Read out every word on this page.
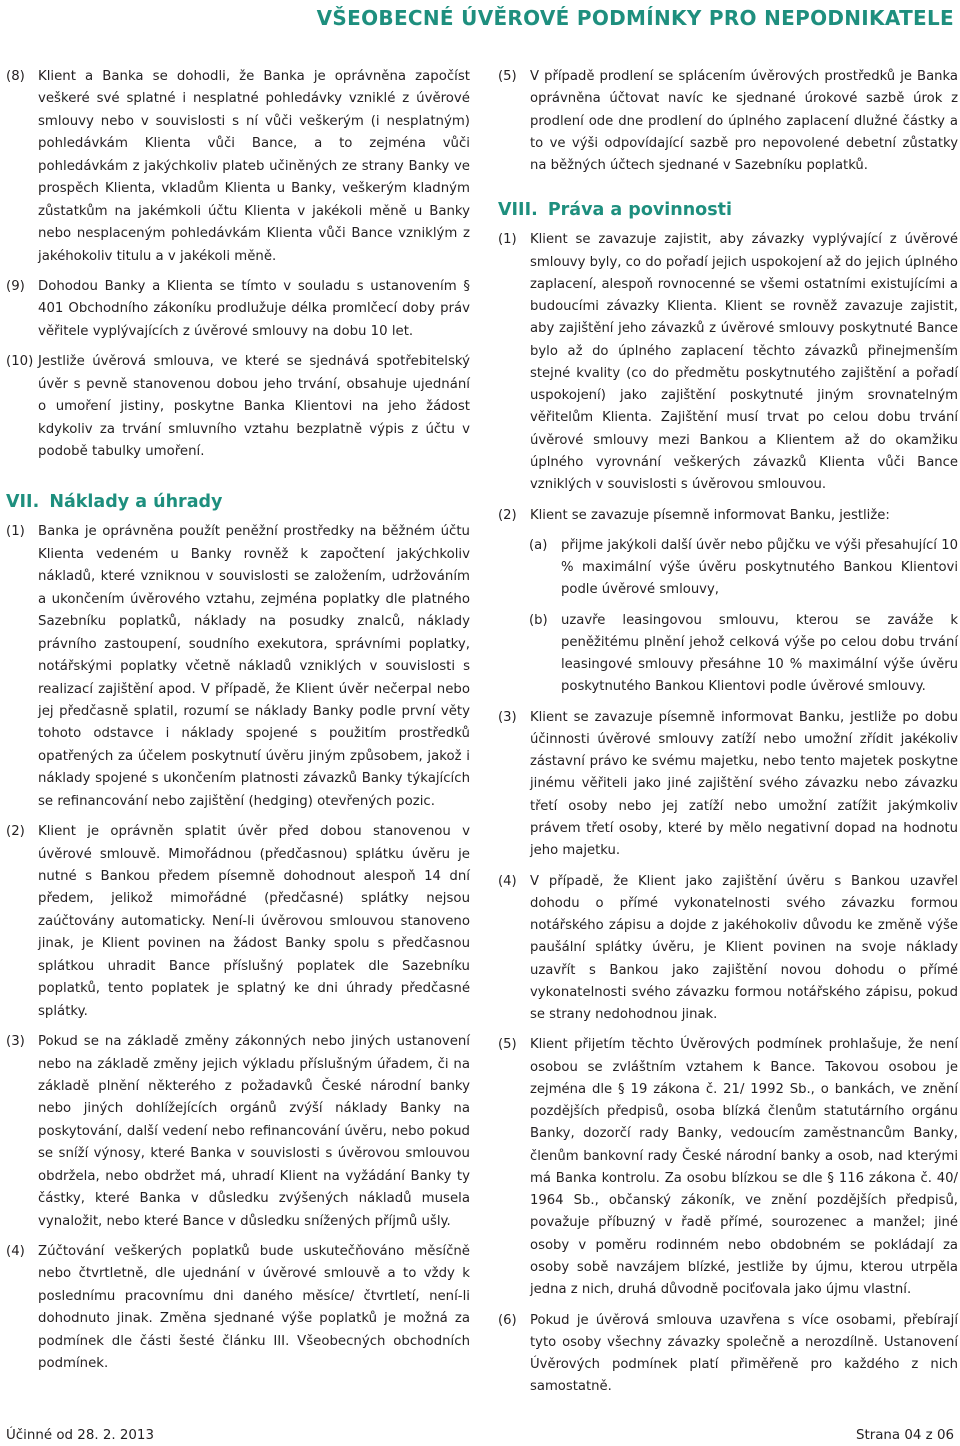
VŠEOBECNÉ ÚVĚROVÉ PODMÍNKY PRO NEPODNIKATELE
(8) Klient a Banka se dohodli, že Banka je oprávněna započíst veškeré své splatné i nesplatné pohledávky vzniklé z úvěrové smlouvy nebo v souvislosti s ní vůči veškerým (i nesplatným) pohledávkám Klienta vůči Bance, a to zejména vůči pohledávkám z jakýchkoliv plateb učiněných ze strany Banky ve prospěch Klienta, vkladům Klienta u Banky, veškerým kladným zůstatkům na jakémkoli účtu Klienta v jakékoli měně u Banky nebo nesplaceným pohledávkám Klienta vůči Bance vzniklým z jakéhokoliv titulu a v jakékoli měně.
(9) Dohodou Banky a Klienta se tímto v souladu s ustanovením § 401 Obchodního zákoníku prodlužuje délka promlčecí doby práv věřitele vyplývajících z úvěrové smlouvy na dobu 10 let.
(10) Jestliže úvěrová smlouva, ve které se sjednává spotřebitelský úvěr s pevně stanovenou dobou jeho trvání, obsahuje ujednání o umoření jistiny, poskytne Banka Klientovi na jeho žádost kdykoliv za trvání smluvního vztahu bezplatně výpis z účtu v podobě tabulky umoření.
VII. Náklady a úhrady
(1) Banka je oprávněna použít peněžní prostředky na běžném účtu Klienta vedeném u Banky rovněž k započtení jakýchkoliv nákladů, které vzniknou v souvislosti se založením, udržováním a ukončením úvěrového vztahu, zejména poplatky dle platného Sazebníku poplatků, náklady na posudky znalců, náklady právního zastoupení, soudního exekutora, správními poplatky, notářskými poplatky včetně nákladů vzniklých v souvislosti s realizací zajištění apod. V případě, že Klient úvěr nečerpal nebo jej předčasně splatil, rozumí se náklady Banky podle první věty tohoto odstavce i náklady spojené s použitím prostředků opatřených za účelem poskytnutí úvěru jiným způsobem, jakož i náklady spojené s ukončením platnosti závazků Banky týkajících se refinancování nebo zajištění (hedging) otevřených pozic.
(2) Klient je oprávněn splatit úvěr před dobou stanovenou v úvěrové smlouvě. Mimořádnou (předčasnou) splátku úvěru je nutné s Bankou předem písemně dohodnout alespoň 14 dní předem, jelikož mimořádné (předčasné) splátky nejsou zaúčtovány automaticky. Není-li úvěrovou smlouvou stanoveno jinak, je Klient povinen na žádost Banky spolu s předčasnou splátkou uhradit Bance příslušný poplatek dle Sazebníku poplatků, tento poplatek je splatný ke dni úhrady předčasné splátky.
(3) Pokud se na základě změny zákonných nebo jiných ustanovení nebo na základě změny jejich výkladu příslušným úřadem, či na základě plnění některého z požadavků České národní banky nebo jiných dohlížejících orgánů zvýší náklady Banky na poskytování, další vedení nebo refinancování úvěru, nebo pokud se sníží výnosy, které Banka v souvislosti s úvěrovou smlouvou obdržela, nebo obdržet má, uhradí Klient na vyžádání Banky ty částky, které Banka v důsledku zvýšených nákladů musela vynaložit, nebo které Bance v důsledku snížených příjmů ušly.
(4) Zúčtování veškerých poplatků bude uskutečňováno měsíčně nebo čtvrtletně, dle ujednání v úvěrové smlouvě a to vždy k poslednímu pracovnímu dni daného měsíce/ čtvrtletí, není-li dohodnuto jinak. Změna sjednané výše poplatků je možná za podmínek dle části šesté článku III. Všeobecných obchodních podmínek.
(5) V případě prodlení se splácením úvěrových prostředků je Banka oprávněna účtovat navíc ke sjednané úrokové sazbě úrok z prodlení ode dne prodlení do úplného zaplacení dlužné částky a to ve výši odpovídající sazbě pro nepovolené debetní zůstatky na běžných účtech sjednané v Sazebníku poplatků.
VIII. Práva a povinnosti
(1) Klient se zavazuje zajistit, aby závazky vyplývající z úvěrové smlouvy byly, co do pořadí jejich uspokojení až do jejich úplného zaplacení, alespoň rovnocenné se všemi ostatními existujícími a budoucími závazky Klienta. Klient se rovněž zavazuje zajistit, aby zajištění jeho závazků z úvěrové smlouvy poskytnuté Bance bylo až do úplného zaplacení těchto závazků přinejmenším stejné kvality (co do předmětu poskytnutého zajištění a pořadí uspokojení) jako zajištění poskytnuté jiným srovnatelným věřitelům Klienta. Zajištění musí trvat po celou dobu trvání úvěrové smlouvy mezi Bankou a Klientem až do okamžiku úplného vyrovnání veškerých závazků Klienta vůči Bance vzniklých v souvislosti s úvěrovou smlouvou.
(2) Klient se zavazuje písemně informovat Banku, jestliže:
(a) přijme jakýkoli další úvěr nebo půjčku ve výši přesahující 10 % maximální výše úvěru poskytnutého Bankou Klientovi podle úvěrové smlouvy,
(b) uzavře leasingovou smlouvu, kterou se zaváže k peněžitému plnění jehož celková výše po celou dobu trvání leasingové smlouvy přesáhne 10 % maximální výše úvěru poskytnutého Bankou Klientovi podle úvěrové smlouvy.
(3) Klient se zavazuje písemně informovat Banku, jestliže po dobu účinnosti úvěrové smlouvy zatíží nebo umožní zřídit jakékoliv zástavní právo ke svému majetku, nebo tento majetek poskytne jinému věřiteli jako jiné zajištění svého závazku nebo závazku třetí osoby nebo jej zatíží nebo umožní zatížit jakýmkoliv právem třetí osoby, které by mělo negativní dopad na hodnotu jeho majetku.
(4) V případě, že Klient jako zajištění úvěru s Bankou uzavřel dohodu o přímé vykonatelnosti svého závazku formou notářského zápisu a dojde z jakéhokoliv důvodu ke změně výše paušální splátky úvěru, je Klient povinen na svoje náklady uzavřít s Bankou jako zajištění novou dohodu o přímé vykonatelnosti svého závazku formou notářského zápisu, pokud se strany nedohodnou jinak.
(5) Klient přijetím těchto Úvěrových podmínek prohlašuje, že není osobou se zvláštním vztahem k Bance. Takovou osobou je zejména dle § 19 zákona č. 21/ 1992 Sb., o bankách, ve znění pozdějších předpisů, osoba blízká členům statutárního orgánu Banky, dozorčí rady Banky, vedoucím zaměstnancům Banky, členům bankovní rady České národní banky a osob, nad kterými má Banka kontrolu. Za osobu blízkou se dle § 116 zákona č. 40/ 1964 Sb., občanský zákoník, ve znění pozdějších předpisů, považuje příbuzný v řadě přímé, sourozenec a manžel; jiné osoby v poměru rodinném nebo obdobném se pokládají za osoby sobě navzájem blízké, jestliže by újmu, kterou utrpěla jedna z nich, druhá důvodně pociťovala jako újmu vlastní.
(6) Pokud je úvěrová smlouva uzavřena s více osobami, přebírají tyto osoby všechny závazky společně a nerozdílně. Ustanovení Úvěrových podmínek platí přiměřeně pro každého z nich samostatně.
Účinné od 28. 2. 2013	Strana 04 z 06
